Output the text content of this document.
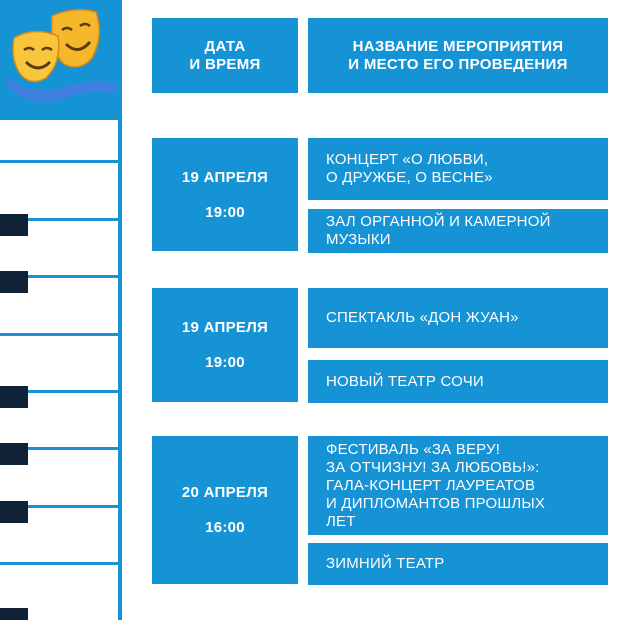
ДАТА
И ВРЕМЯ
НАЗВАНИЕ МЕРОПРИЯТИЯ
И МЕСТО ЕГО ПРОВЕДЕНИЯ
19 АПРЕЛЯ
19:00
КОНЦЕРТ «О ЛЮБВИ,
О ДРУЖБЕ, О ВЕСНЕ»
ЗАЛ ОРГАННОЙ И КАМЕРНОЙ
МУЗЫКИ
19 АПРЕЛЯ
19:00
СПЕКТАКЛЬ «ДОН ЖУАН»
НОВЫЙ ТЕАТР СОЧИ
20 АПРЕЛЯ
16:00
ФЕСТИВАЛЬ «ЗА ВЕРУ!
ЗА ОТЧИЗНУ! ЗА ЛЮБОВЬ!»:
ГАЛА-КОНЦЕРТ ЛАУРЕАТОВ
И ДИПЛОМАНТОВ ПРОШЛЫХ
ЛЕТ
ЗИМНИЙ ТЕАТР
